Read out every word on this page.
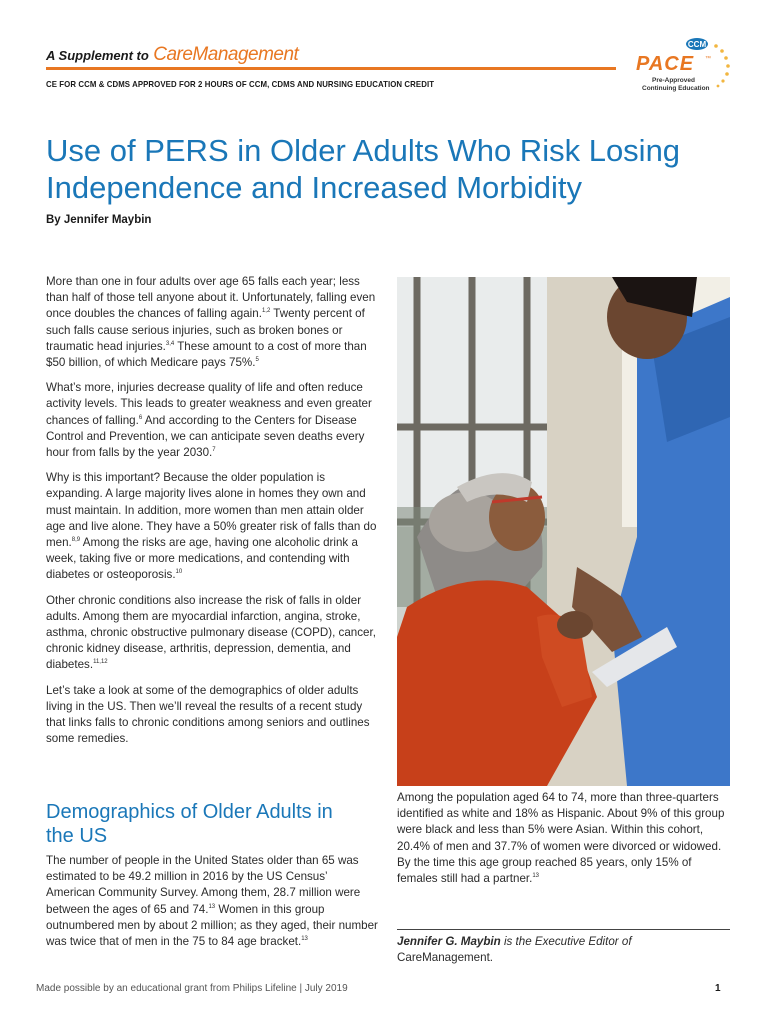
A Supplement to CareManagement
CE FOR CCM & CDMS APPROVED FOR 2 HOURS OF CCM, CDMS AND NURSING EDUCATION CREDIT
CCM
PACE ™
Pre-Approved
Continuing Education
Use of PERS in Older Adults Who Risk Losing Independence and Increased Morbidity
By Jennifer Maybin

More than one in four adults over age 65 falls each year; less than half of those tell anyone about it. Unfortunately, falling even once doubles the chances of falling again.$^{1,2}$ Twenty percent of such falls cause serious injuries, such as broken bones or traumatic head injuries.$^{3,4}$ These amount to a cost of more than $50 billion, of which Medicare pays 75%.$^5$

What’s more, injuries decrease quality of life and often reduce activity levels. This leads to greater weakness and even greater chances of falling.$^6$ And according to the Centers for Disease Control and Prevention, we can anticipate seven deaths every hour from falls by the year 2030.$^7$

Why is this important? Because the older population is expanding. A large majority lives alone in homes they own and must maintain. In addition, more women than men attain older age and live alone. They have a 50% greater risk of falls than do men.$^{8,9}$ Among the risks are age, having one alcoholic drink a week, taking five or more medications, and contending with diabetes or osteoporosis.$^{10}$

Other chronic conditions also increase the risk of falls in older adults. Among them are myocardial infarction, angina, stroke, asthma, chronic obstructive pulmonary disease (COPD), cancer, chronic kidney disease, arthritis, depression, dementia, and diabetes.$^{11,12}$

Let’s take a look at some of the demographics of older adults living in the US. Then we’ll reveal the results of a recent study that links falls to chronic conditions among seniors and outlines some remedies.

Demographics of Older Adults in the US

The number of people in the United States older than 65 was estimated to be 49.2 million in 2016 by the US Census’ American Community Survey. Among them, 28.7 million were between the ages of 65 and 74.13 Women in this group outnumbered men by about 2 million; as they aged, their number was twice that of men in the 75 to 84 age bracket.$^{13}$

Among the population aged 64 to 74, more than three-quarters identified as white and 18% as Hispanic. About 9% of this group were black and less than 5% were Asian. Within this cohort, 20.4% of men and 37.7% of women were divorced or widowed. By the time this age group reached 85 years, only 15% of females still had a partner.$^{13}$

Jennifer G. Maybin is the Executive Editor of
CareManagement.
Made possible by an educational grant from Philips Lifeline | July 2019	1
